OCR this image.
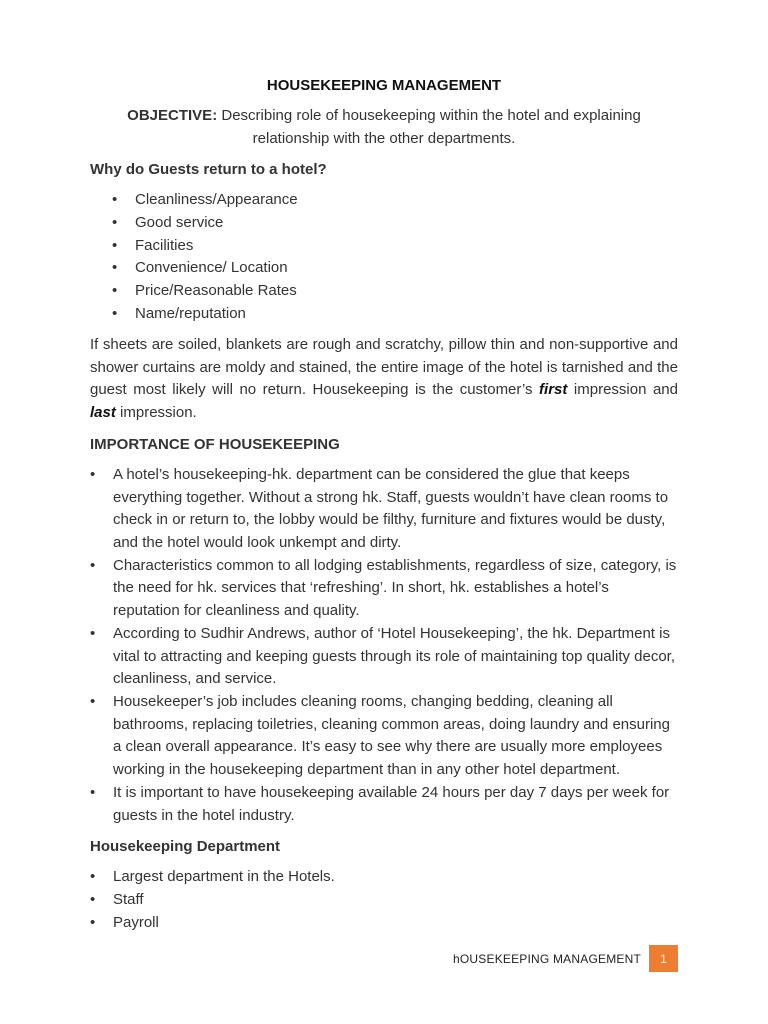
HOUSEKEEPING MANAGEMENT
OBJECTIVE: Describing role of housekeeping within the hotel and explaining relationship with the other departments.
Why do Guests return to a hotel?
• Cleanliness/Appearance
• Good service
• Facilities
• Convenience/ Location
• Price/Reasonable Rates
• Name/reputation
If sheets are soiled, blankets are rough and scratchy, pillow thin and non-supportive and shower curtains are moldy and stained, the entire image of the hotel is tarnished and the guest most likely will no return. Housekeeping is the customer’s first impression and last impression.
IMPORTANCE OF HOUSEKEEPING
• A hotel’s housekeeping-hk. department can be considered the glue that keeps everything together. Without a strong hk. Staff, guests wouldn’t have clean rooms to check in or return to, the lobby would be filthy, furniture and fixtures would be dusty, and the hotel would look unkempt and dirty.
• Characteristics common to all lodging establishments, regardless of size, category, is the need for hk. services that ‘refreshing’. In short, hk. establishes a hotel’s reputation for cleanliness and quality.
• According to Sudhir Andrews, author of ‘Hotel Housekeeping’, the hk. Department is vital to attracting and keeping guests through its role of maintaining top quality decor, cleanliness, and service.
• Housekeeper’s job includes cleaning rooms, changing bedding, cleaning all bathrooms, replacing toiletries, cleaning common areas, doing laundry and ensuring a clean overall appearance. It’s easy to see why there are usually more employees working in the housekeeping department than in any other hotel department.
• It is important to have housekeeping available 24 hours per day 7 days per week for guests in the hotel industry.
Housekeeping Department
• Largest department in the Hotels.
• Staff
• Payroll
hOUSEKEEPING MANAGEMENT	1
